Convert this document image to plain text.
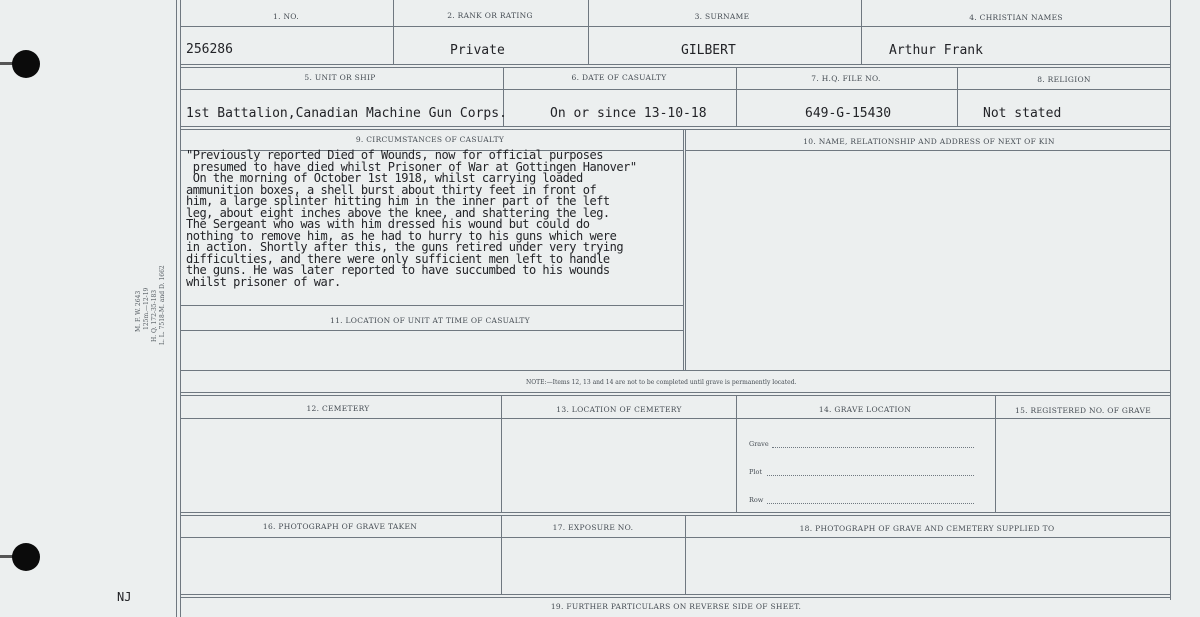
1. NO.	2. RANK OR RATING	3. SURNAME	4. CHRISTIAN NAMES
256286	Private	GILBERT	Arthur Frank
5. UNIT OR SHIP	6. DATE OF CASUALTY	7. H.Q. FILE NO.	8. RELIGION
1st Battalion,Canadian Machine Gun Corps.	On or since 13-10-18	649-G-15430	Not stated
9. CIRCUMSTANCES OF CASUALTY	10. NAME, RELATIONSHIP AND ADDRESS OF NEXT OF KIN
"Previously reported Died of Wounds, now for official purposes
presumed to have died whilst Prisoner of War at Gottingen Hanover"
On the morning of October 1st 1918, whilst carrying loaded
ammunition boxes, a shell burst about thirty feet in front of
him, a large splinter hitting him in the inner part of the left
leg, about eight inches above the knee, and shattering the leg.
The Sergeant who was with him dressed his wound but could do
nothing to remove him, as he had to hurry to his guns which were
in action. Shortly after this, the guns retired under very trying
difficulties, and there were only sufficient men left to handle
the guns. He was later reported to have succumbed to his wounds
whilst prisoner of war.
11. LOCATION OF UNIT AT TIME OF CASUALTY
NOTE:—Items 12, 13 and 14 are not to be completed until grave is permanently located.
12. CEMETERY	13. LOCATION OF CEMETERY	14. GRAVE LOCATION	15. REGISTERED NO. OF GRAVE
Grave
Plot
Row
16. PHOTOGRAPH OF GRAVE TAKEN	17. EXPOSURE NO.	18. PHOTOGRAPH OF GRAVE AND CEMETERY SUPPLIED TO
19. FURTHER PARTICULARS ON REVERSE SIDE OF SHEET.
M. F. W. 2643 125m.—12-19 H. Q. 172-35-183 L. L. 7518-M. and D. 1662
NJ
